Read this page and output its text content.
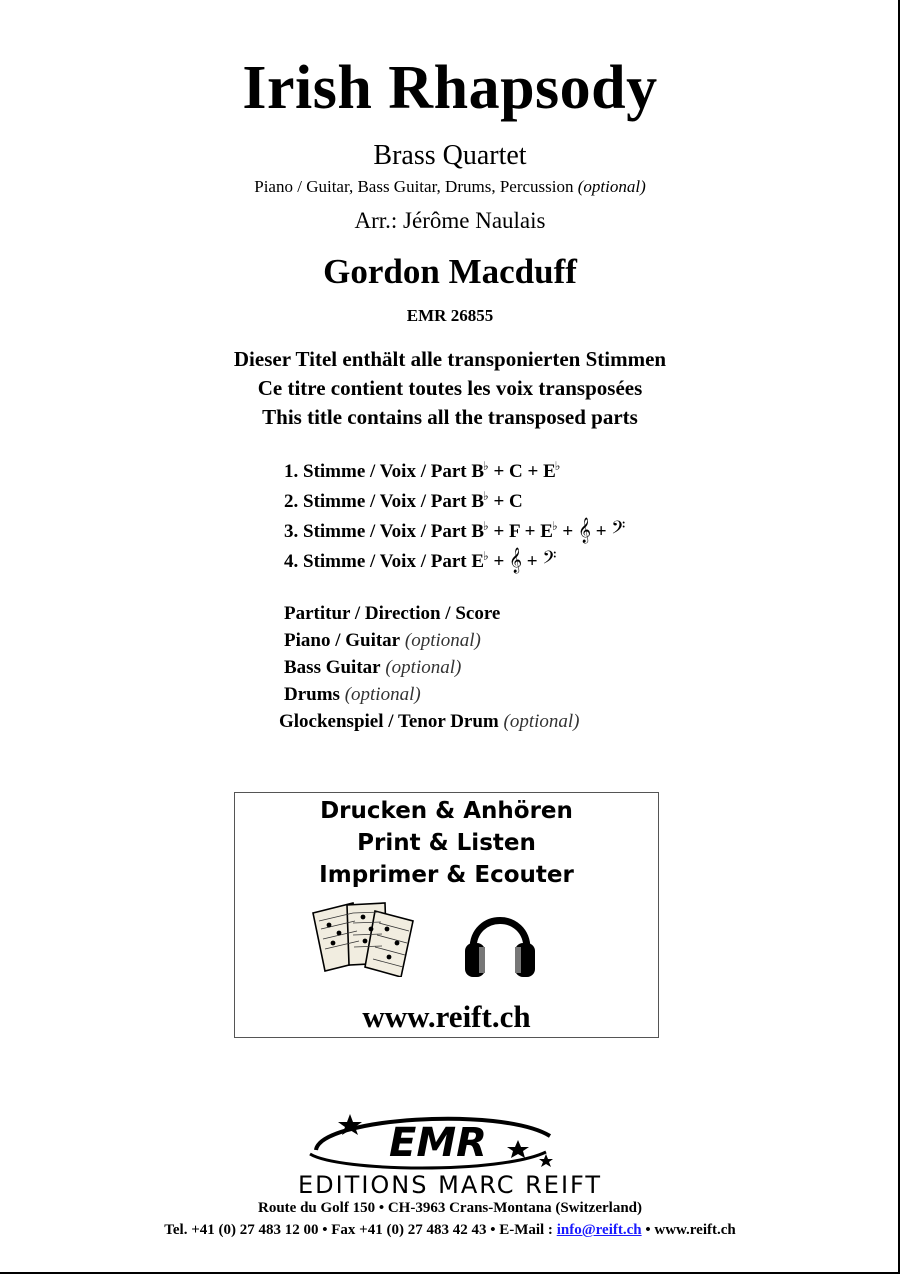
Irish Rhapsody
Brass Quartet
Piano / Guitar, Bass Guitar, Drums, Percussion (optional)
Arr.: Jérôme Naulais
Gordon Macduff
EMR 26855
Dieser Titel enthält alle transponierten Stimmen
Ce titre contient toutes les voix transposées
This title contains all the transposed parts
1. Stimme / Voix / Part B♭ + C + E♭
2. Stimme / Voix / Part B♭ + C
3. Stimme / Voix / Part B♭ + F + E♭ + 𝄞 + 𝄢
4. Stimme / Voix / Part E♭ + 𝄞 + 𝄢
Partitur / Direction / Score
Piano / Guitar (optional)
Bass Guitar (optional)
Drums (optional)
Glockenspiel / Tenor Drum (optional)
Drucken & Anhören
Print & Listen
Imprimer & Ecouter
www.reift.ch
EMR
EDITIONS MARC REIFT
Route du Golf 150 • CH-3963 Crans-Montana (Switzerland)
Tel. +41 (0) 27 483 12 00 • Fax +41 (0) 27 483 42 43 • E-Mail : info@reift.ch • www.reift.ch
